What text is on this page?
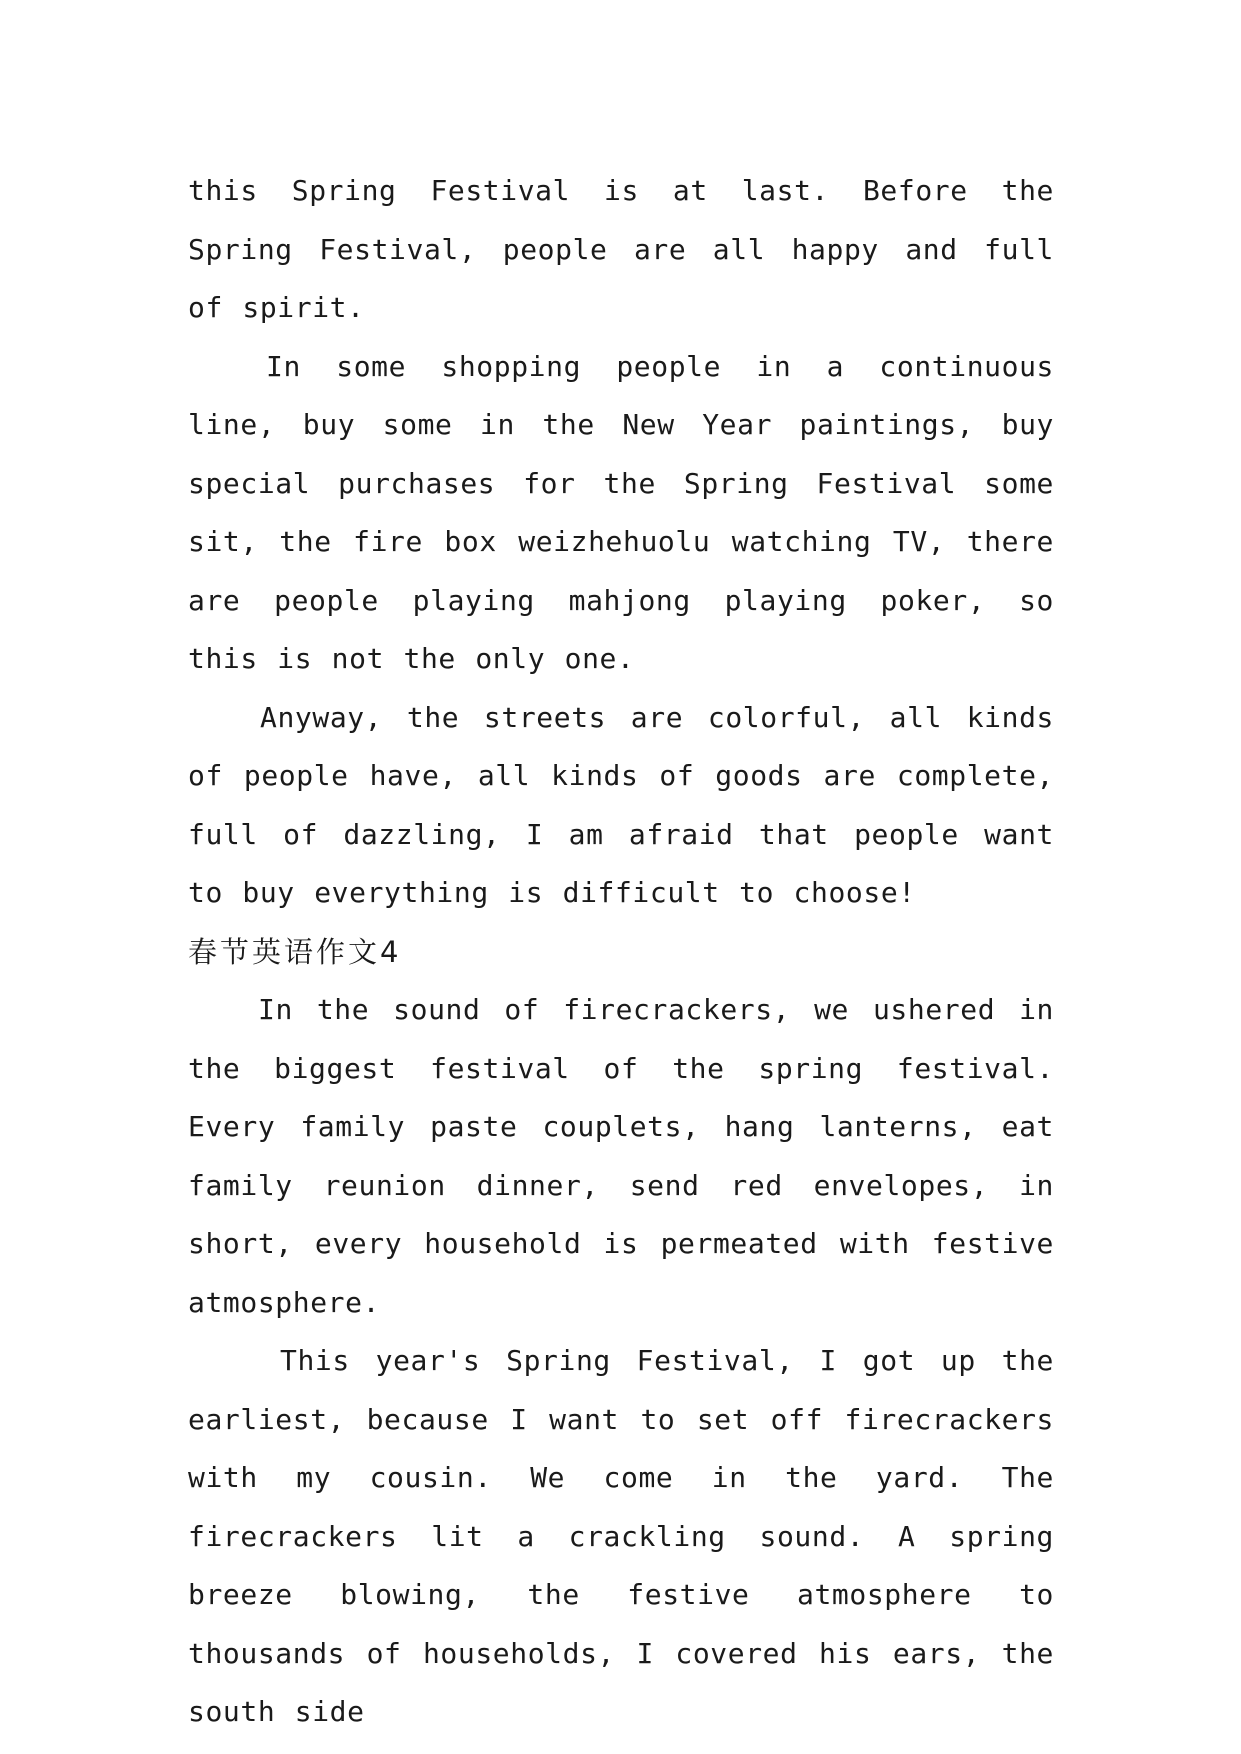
this Spring Festival is at last. Before the Spring Festival, people are all happy and full of spirit.

In some shopping people in a continuous line, buy some in the New Year paintings, buy special purchases for the Spring Festival some sit, the fire box weizhehuolu watching TV, there are people playing mahjong playing poker, so this is not the only one.

Anyway, the streets are colorful, all kinds of people have, all kinds of goods are complete, full of dazzling, I am afraid that people want to buy everything is difficult to choose!

春节英语作文4

In the sound of firecrackers, we ushered in the biggest festival of the spring festival. Every family paste couplets, hang lanterns, eat family reunion dinner, send red envelopes, in short, every household is permeated with festive atmosphere.

This year's Spring Festival, I got up the earliest, because I want to set off firecrackers with my cousin. We come in the yard. The firecrackers lit a crackling sound. A spring breeze blowing, the festive atmosphere to thousands of households, I covered his ears, the south side
